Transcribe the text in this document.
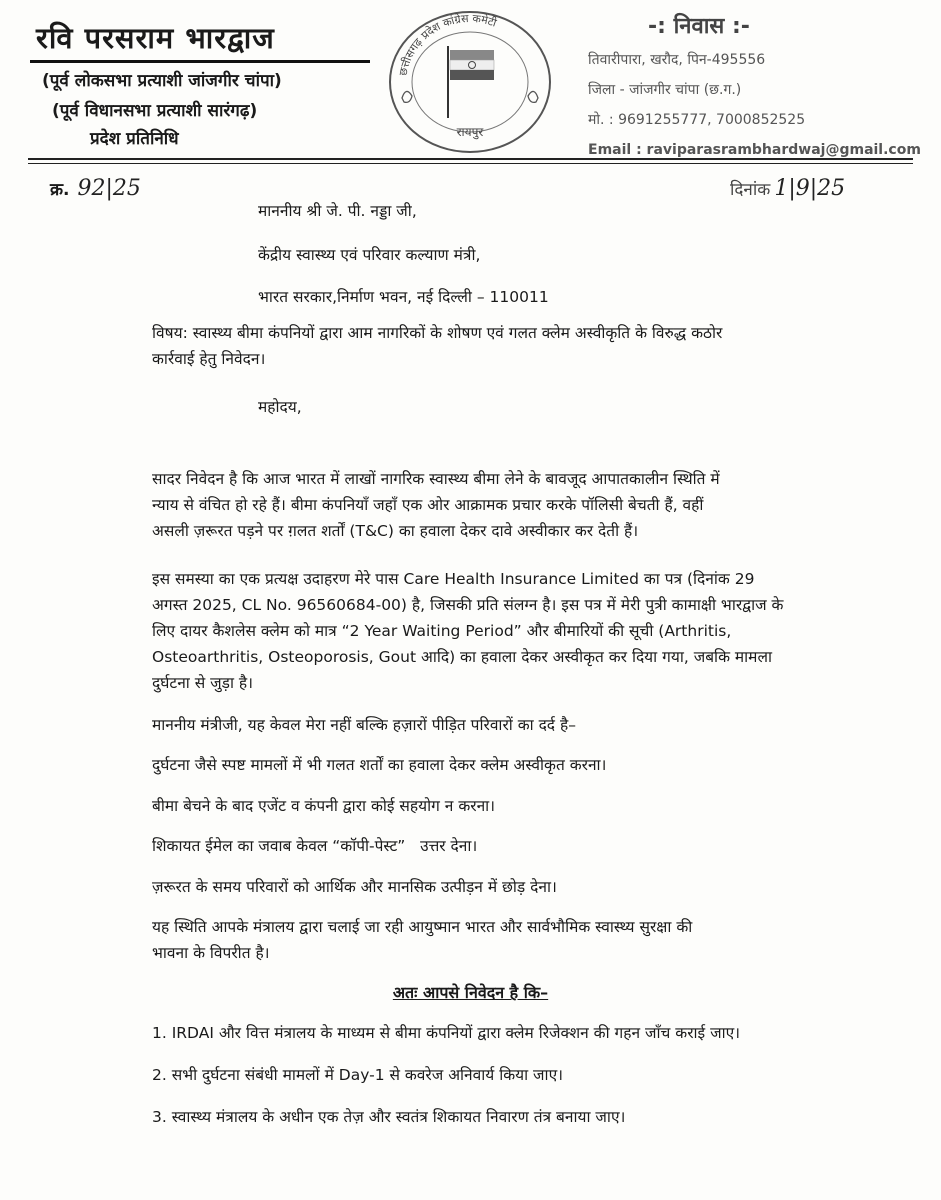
रवि परसराम भारद्वाज
(पूर्व लोकसभा प्रत्याशी जांजगीर चांपा)
(पूर्व विधानसभा प्रत्याशी सारंगढ़)
प्रदेश प्रतिनिधि
छत्तीसगढ़ प्रदेश कांग्रेस कमेटी
रायपुर
-: निवास :-
तिवारीपारा, खरौद, पिन-495556
जिला - जांजगीर चांपा (छ.ग.)
मो. : 9691255777, 7000852525
Email : raviparasrambhardwaj@gmail.com
क्र. 92|25	दिनांक 1|9|25
माननीय श्री जे. पी. नड्डा जी,
केंद्रीय स्वास्थ्य एवं परिवार कल्याण मंत्री,
भारत सरकार,निर्माण भवन, नई दिल्ली – 110011
विषय: स्वास्थ्य बीमा कंपनियों द्वारा आम नागरिकों के शोषण एवं गलत क्लेम अस्वीकृति के विरुद्ध कठोर
कार्रवाई हेतु निवेदन।
महोदय,
सादर निवेदन है कि आज भारत में लाखों नागरिक स्वास्थ्य बीमा लेने के बावजूद आपातकालीन स्थिति में
न्याय से वंचित हो रहे हैं। बीमा कंपनियाँ जहाँ एक ओर आक्रामक प्रचार करके पॉलिसी बेचती हैं, वहीं
असली ज़रूरत पड़ने पर ग़लत शर्तों (T&C) का हवाला देकर दावे अस्वीकार कर देती हैं।
इस समस्या का एक प्रत्यक्ष उदाहरण मेरे पास Care Health Insurance Limited का पत्र (दिनांक 29
अगस्त 2025, CL No. 96560684-00) है, जिसकी प्रति संलग्न है। इस पत्र में मेरी पुत्री कामाक्षी भारद्वाज के
लिए दायर कैशलेस क्लेम को मात्र “2 Year Waiting Period” और बीमारियों की सूची (Arthritis,
Osteoarthritis, Osteoporosis, Gout आदि) का हवाला देकर अस्वीकृत कर दिया गया, जबकि मामला
दुर्घटना से जुड़ा है।
माननीय मंत्रीजी, यह केवल मेरा नहीं बल्कि हज़ारों पीड़ित परिवारों का दर्द है–
दुर्घटना जैसे स्पष्ट मामलों में भी गलत शर्तों का हवाला देकर क्लेम अस्वीकृत करना।
बीमा बेचने के बाद एजेंट व कंपनी द्वारा कोई सहयोग न करना।
शिकायत ईमेल का जवाब केवल “कॉपी-पेस्ट”   उत्तर देना।
ज़रूरत के समय परिवारों को आर्थिक और मानसिक उत्पीड़न में छोड़ देना।
यह स्थिति आपके मंत्रालय द्वारा चलाई जा रही आयुष्मान भारत और सार्वभौमिक स्वास्थ्य सुरक्षा की
भावना के विपरीत है।
अतः आपसे निवेदन है कि–
1. IRDAI और वित्त मंत्रालय के माध्यम से बीमा कंपनियों द्वारा क्लेम रिजेक्शन की गहन जाँच कराई जाए।
2. सभी दुर्घटना संबंधी मामलों में Day-1 से कवरेज अनिवार्य किया जाए।
3. स्वास्थ्य मंत्रालय के अधीन एक तेज़ और स्वतंत्र शिकायत निवारण तंत्र बनाया जाए।
